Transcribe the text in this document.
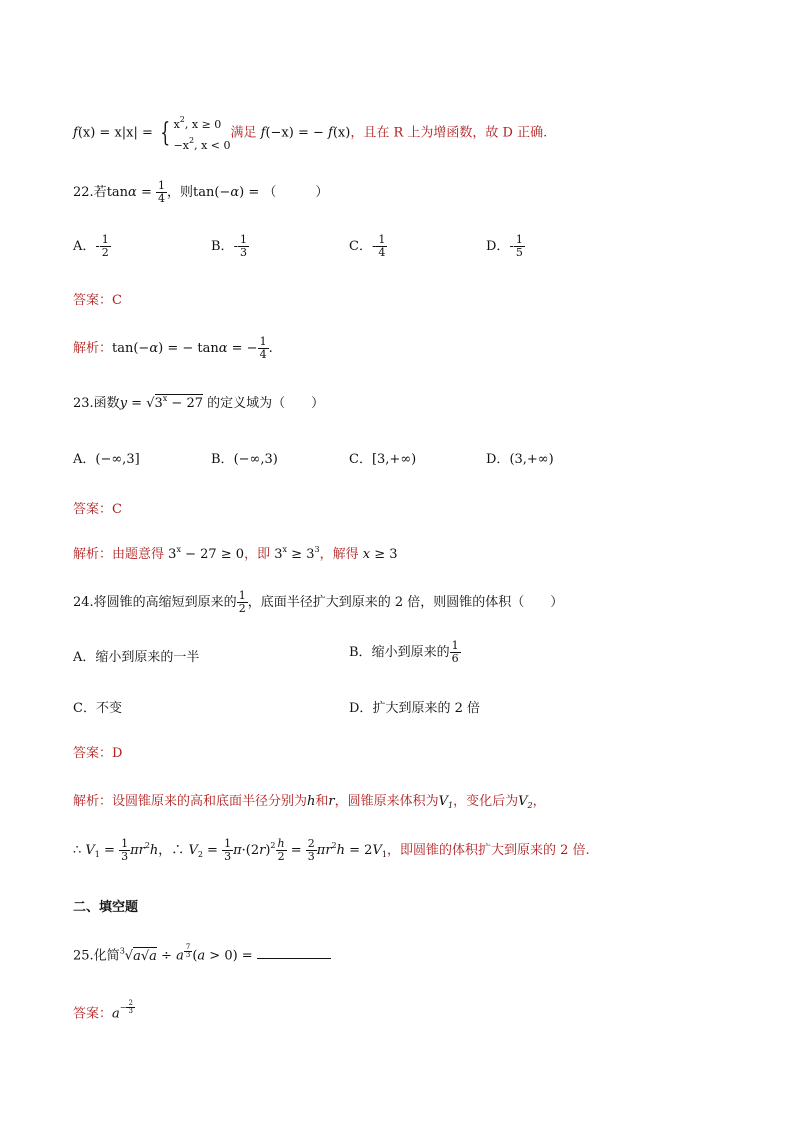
f(x) = x|x| = { $x^2$, x ≥ 0
$-x^2$, x < 0
满足 f(−x) = − f(x)，且在 R 上为增函数，故 D 正确.
22.若$\tan\alpha = \frac{1}{4}$ ，则tan(−α) = （　　　）
A．- $\frac{1}{2}$	B．- $\frac{1}{3}$	C．- $\frac{1}{4}$	D．- $\frac{1}{5}$
答案：C
解析：tan(−α) = − tanα = − $\frac{1}{4}$ .
23.函数$y = √3^x - 27$ 的定义域为（　　）
A．(−∞,3]	B．(−∞,3)	C．[3,+∞)	D．(3,+∞)
答案：C
解析：由题意得 $3^x - 27 \ge 0$，即 $3^x \ge 3^3$，解得 x ≥ 3
24.将圆锥的高缩短到原来的 $\frac{1}{2}$ ，底面半径扩大到原来的 2 倍，则圆锥的体积（　　）
A．缩小到原来的一半	B．缩小到原来的 $\frac{1}{6}$
C．不变	D．扩大到原来的 2 倍
答案：D
解析：设圆锥原来的高和底面半径分别为h和r，圆锥原来体积为$V_1$，变化后为$V_2$，
∴ $V_1 = \frac{1}{3} \pi r^2h$，∴ $V_2 = \frac{1}{3} \pi\cdot(2r)^2 \frac{h}{2} = \frac{2}{3} \pi r^2h = 2V_1$，即圆锥的体积扩大到原来的 2 倍.
二、填空题
25.化简$^3$√a√a ÷ a $^{\frac{7}{3}}$ (a > 0) =
答案：$a^{- \frac{2}{3}}$
